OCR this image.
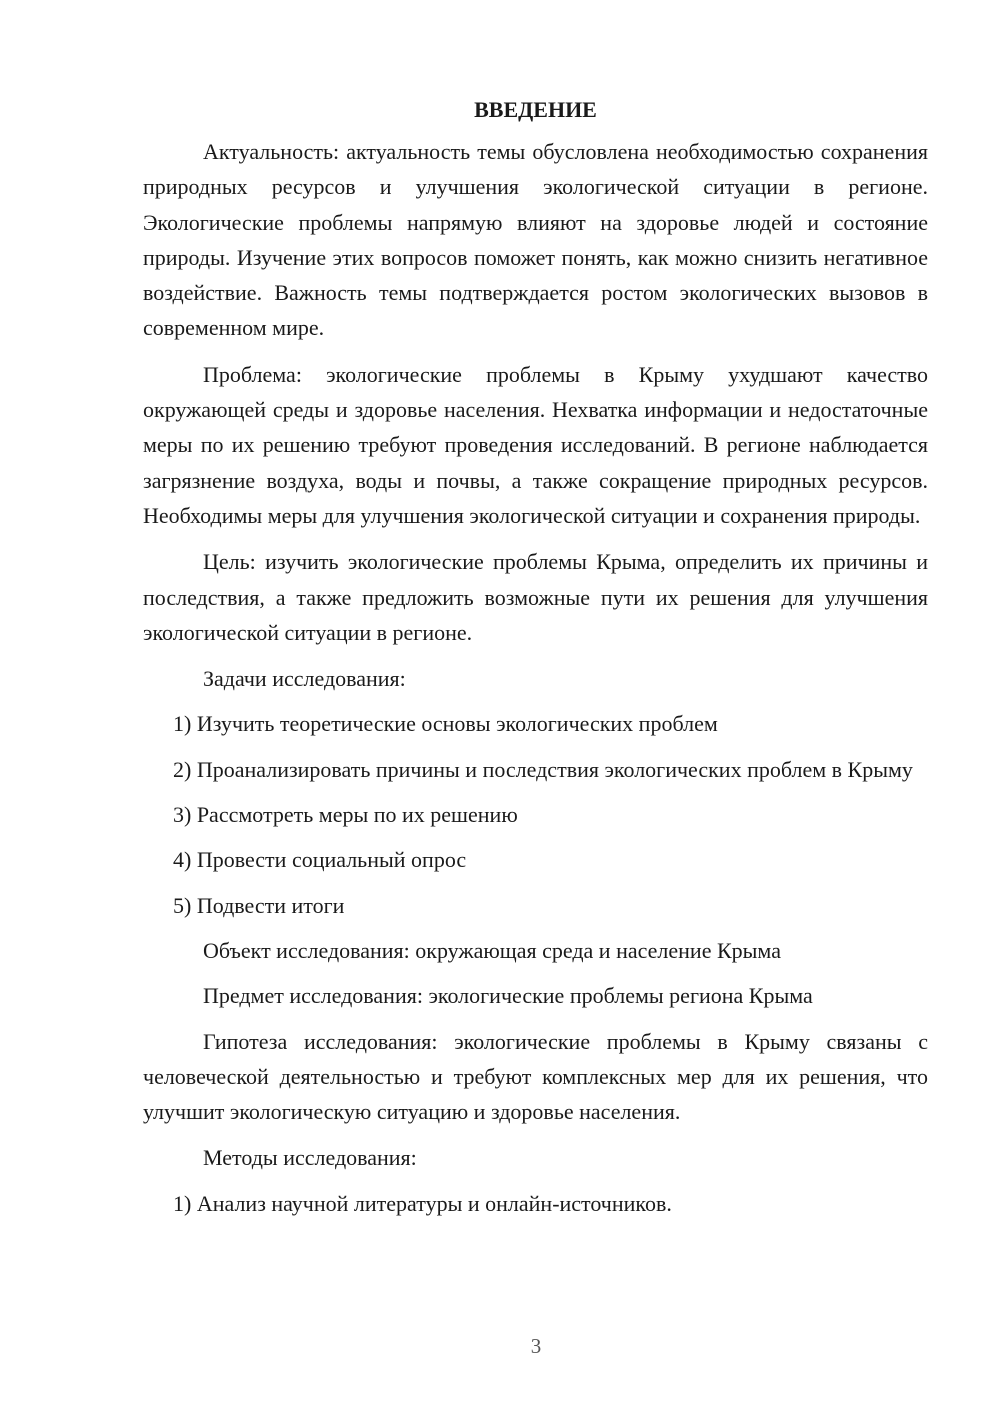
ВВЕДЕНИЕ

Актуальность: актуальность темы обусловлена необходимостью сохранения природных ресурсов и улучшения экологической ситуации в регионе. Экологические проблемы напрямую влияют на здоровье людей и состояние природы. Изучение этих вопросов поможет понять, как можно снизить негативное воздействие. Важность темы подтверждается ростом экологических вызовов в современном мире.

Проблема: экологические проблемы в Крыму ухудшают качество окружающей среды и здоровье населения. Нехватка информации и недостаточные меры по их решению требуют проведения исследований. В регионе наблюдается загрязнение воздуха, воды и почвы, а также сокращение природных ресурсов. Необходимы меры для улучшения экологической ситуации и сохранения природы.

Цель: изучить экологические проблемы Крыма, определить их причины и последствия, а также предложить возможные пути их решения для улучшения экологической ситуации в регионе.

Задачи исследования:

1) Изучить теоретические основы экологических проблем

2) Проанализировать причины и последствия экологических проблем в Крыму

3) Рассмотреть меры по их решению

4) Провести социальный опрос

5) Подвести итоги

Объект исследования: окружающая среда и население Крыма

Предмет исследования: экологические проблемы региона Крыма

Гипотеза исследования: экологические проблемы в Крыму связаны с человеческой деятельностью и требуют комплексных мер для их решения, что улучшит экологическую ситуацию и здоровье населения.

Методы исследования:

1) Анализ научной литературы и онлайн-источников.

3
